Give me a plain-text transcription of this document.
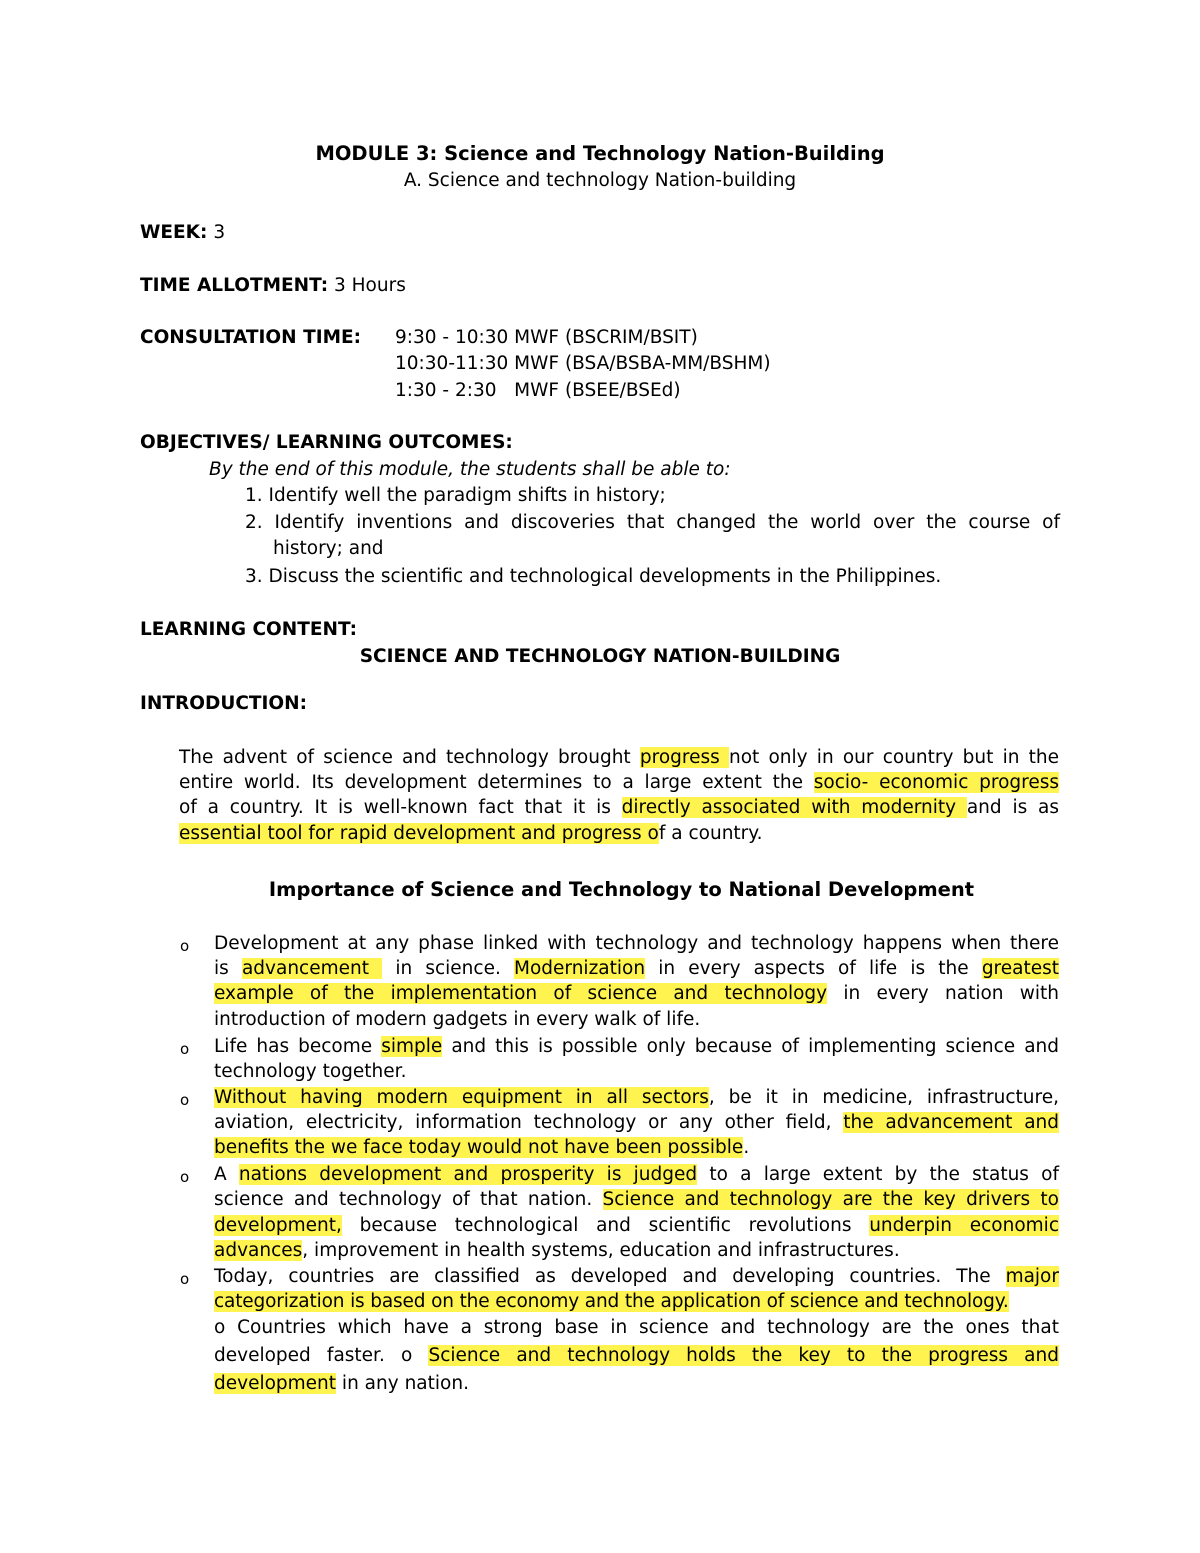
MODULE 3: Science and Technology Nation-Building
A. Science and technology Nation-building
WEEK: 3
TIME ALLOTMENT: 3 Hours
CONSULTATION TIME: 9:30 - 10:30 MWF (BSCRIM/BSIT)
10:30-11:30 MWF (BSA/BSBA-MM/BSHM)
1:30 - 2:30   MWF (BSEE/BSEd)
OBJECTIVES/ LEARNING OUTCOMES:
By the end of this module, the students shall be able to:
1. Identify well the paradigm shifts in history;
2. Identify inventions and discoveries that changed the world over the course of
history; and
3. Discuss the scientific and technological developments in the Philippines.
LEARNING CONTENT:
SCIENCE AND TECHNOLOGY NATION-BUILDING
INTRODUCTION:
The advent of science and technology brought progress not only in our country but in the
entire world. Its development determines to a large extent the socio- economic progress
of a country. It is well-known fact that it is directly associated with modernity and is as
essential tool for rapid development and progress of a country.
Importance of Science and Technology to National Development
o Development at any phase linked with technology and technology happens when there
is advancement  in science. Modernization in every aspects of life is the greatest
example of the implementation of science and technology in every nation with
introduction of modern gadgets in every walk of life.
o Life has become simple and this is possible only because of implementing science and
technology together.
o Without having modern equipment in all sectors, be it in medicine, infrastructure,
aviation, electricity, information technology or any other field, the advancement and
benefits the we face today would not have been possible.
o A nations development and prosperity is judged to a large extent by the status of
science and technology of that nation. Science and technology are the key drivers to
development, because technological and scientific revolutions underpin economic
advances, improvement in health systems, education and infrastructures.
o Today, countries are classified as developed and developing countries. The major
categorization is based on the economy and the application of science and technology.
o Countries which have a strong base in science and technology are the ones that
developed faster. o Science and technology holds the key to the progress and
development in any nation.
